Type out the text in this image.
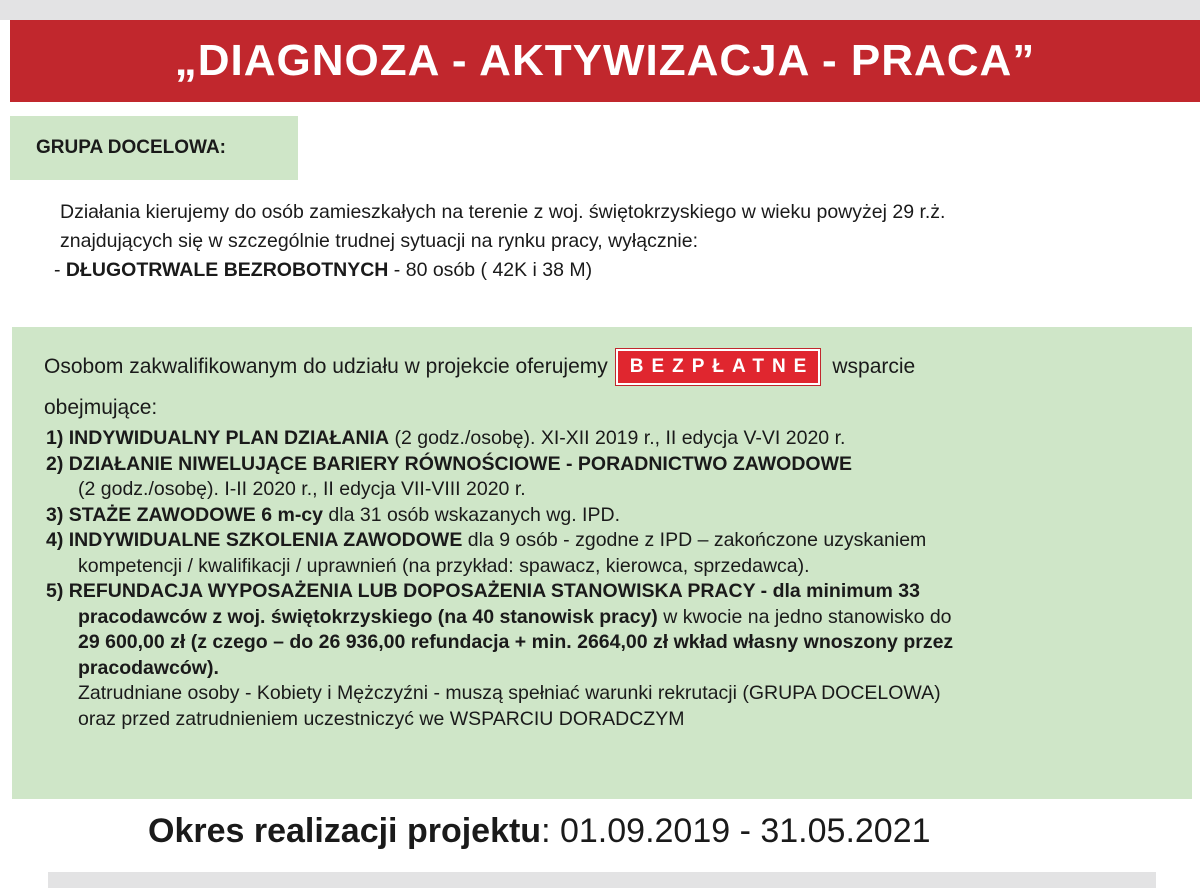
„DIAGNOZA - AKTYWIZACJA - PRACA”
GRUPA DOCELOWA:
Działania kierujemy do osób zamieszkałych na terenie z woj. świętokrzyskiego w wieku powyżej 29 r.ż.
znajdujących się w szczególnie trudnej sytuacji na rynku pracy, wyłącznie:
- DŁUGOTRWALE BEZROBOTNYCH - 80 osób ( 42K i 38 M)
Osobom zakwalifikowanym do udziału w projekcie oferujemy	BEZPŁATNE wsparcie
obejmujące:
1) INDYWIDUALNY PLAN DZIAŁANIA (2 godz./osobę). XI-XII 2019 r., II edycja V-VI 2020 r.
2) DZIAŁANIE NIWELUJĄCE BARIERY RÓWNOŚCIOWE - PORADNICTWO ZAWODOWE
(2 godz./osobę). I-II 2020 r., II edycja VII-VIII 2020 r.
3) STAŻE ZAWODOWE 6 m-cy dla 31 osób wskazanych wg. IPD.
4) INDYWIDUALNE SZKOLENIA ZAWODOWE dla 9 osób - zgodne z IPD – zakończone uzyskaniem
kompetencji / kwalifikacji / uprawnień (na przykład: spawacz, kierowca, sprzedawca).
5) REFUNDACJA WYPOSAŻENIA LUB DOPOSAŻENIA STANOWISKA PRACY - dla minimum 33
pracodawców z woj. świętokrzyskiego (na 40 stanowisk pracy) w kwocie na jedno stanowisko do
29 600,00 zł (z czego – do 26 936,00 refundacja + min. 2664,00 zł wkład własny wnoszony przez
pracodawców).
Zatrudniane osoby - Kobiety i Mężczyźni - muszą spełniać warunki rekrutacji (GRUPA DOCELOWA)
oraz przed zatrudnieniem uczestniczyć we WSPARCIU DORADCZYM
Okres realizacji projektu: 01.09.2019 - 31.05.2021
